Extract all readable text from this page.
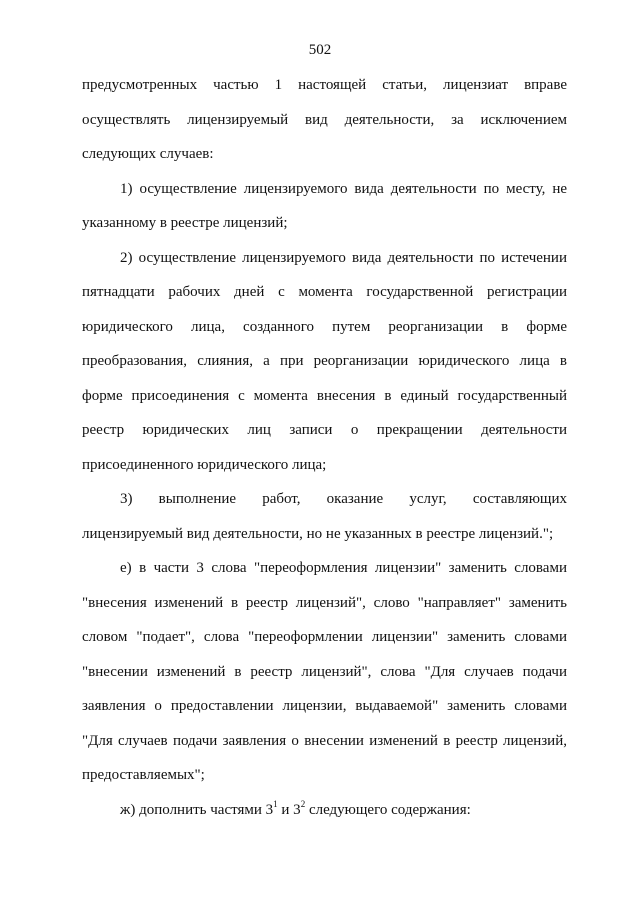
502
предусмотренных частью 1 настоящей статьи, лицензиат вправе
осуществлять лицензируемый вид деятельности, за исключением
следующих случаев:
1) осуществление лицензируемого вида деятельности по месту, не
указанному в реестре лицензий;
2) осуществление лицензируемого вида деятельности по истечении
пятнадцати рабочих дней с момента государственной регистрации
юридического лица, созданного путем реорганизации в форме
преобразования, слияния, а при реорганизации юридического лица в
форме присоединения с момента внесения в единый государственный
реестр юридических лиц записи о прекращении деятельности
присоединенного юридического лица;
3) выполнение работ, оказание услуг, составляющих
лицензируемый вид деятельности, но не указанных в реестре лицензий.";
е) в части 3 слова "переоформления лицензии" заменить словами
"внесения изменений в реестр лицензий", слово "направляет" заменить
словом "подает", слова "переоформлении лицензии" заменить словами
"внесении изменений в реестр лицензий", слова "Для случаев подачи
заявления о предоставлении лицензии, выдаваемой" заменить словами
"Для случаев подачи заявления о внесении изменений в реестр лицензий,
предоставляемых";
ж) дополнить частями $3^1$ и $3^2$ следующего содержания:
